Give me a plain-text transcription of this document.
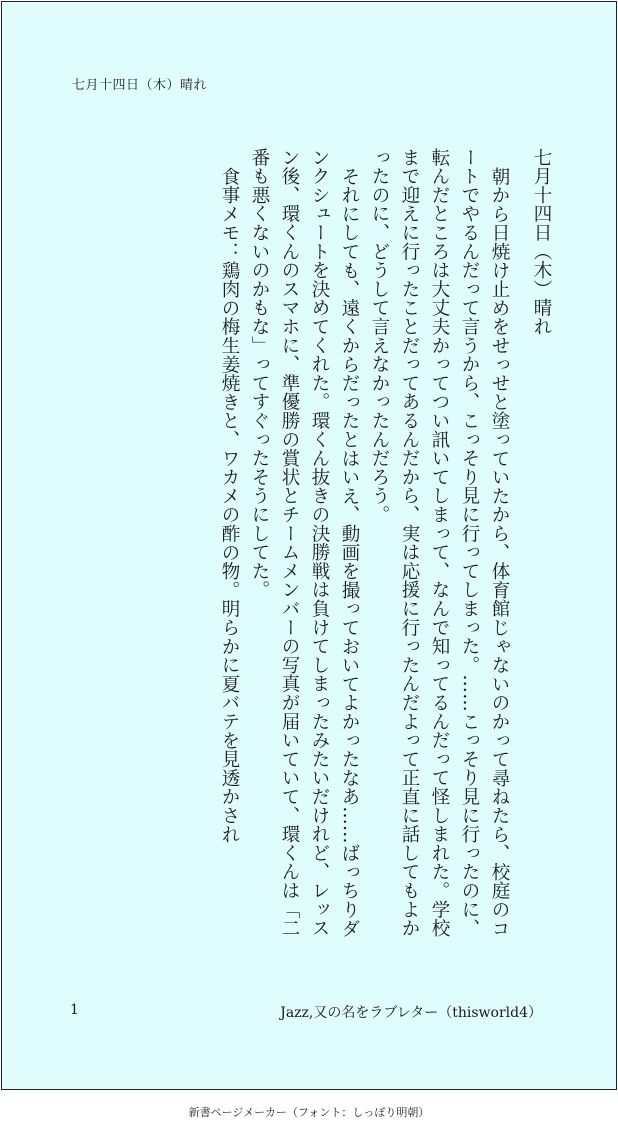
七月十四日（木）晴れ

七月十四日（木）晴れ

朝から日焼け止めをせっせと塗っていたから、体育館じゃないのかって尋ねたら、校庭のコートでやるんだって言うから、こっそり見に行ってしまった。……こっそり見に行ったのに、転んだところは大丈夫かってつい訊いてしまって、なんで知ってるんだって怪しまれた。学校まで迎えに行ったことだってあるんだから、実は応援に行ったんだよって正直に話してもよかったのに、どうして言えなかったんだろう。

それにしても、遠くからだったとはいえ、動画を撮っておいてよかったなあ……ばっちりダンクシュートを決めてくれた。環くん抜きの決勝戦は負けてしまったみたいだけれど、レッスン後、環くんのスマホに、準優勝の賞状とチームメンバーの写真が届いていて、環くんは「二番も悪くないのかもな」ってすぐったそうにしてた。

食事メモ：鶏肉の梅生姜焼きと、ワカメの酢の物。明らかに夏バテを見透かされ

1	Jazz,又の名をラブレター（thisworld4）
新書ページメーカー（フォント：しっぽり明朝）
